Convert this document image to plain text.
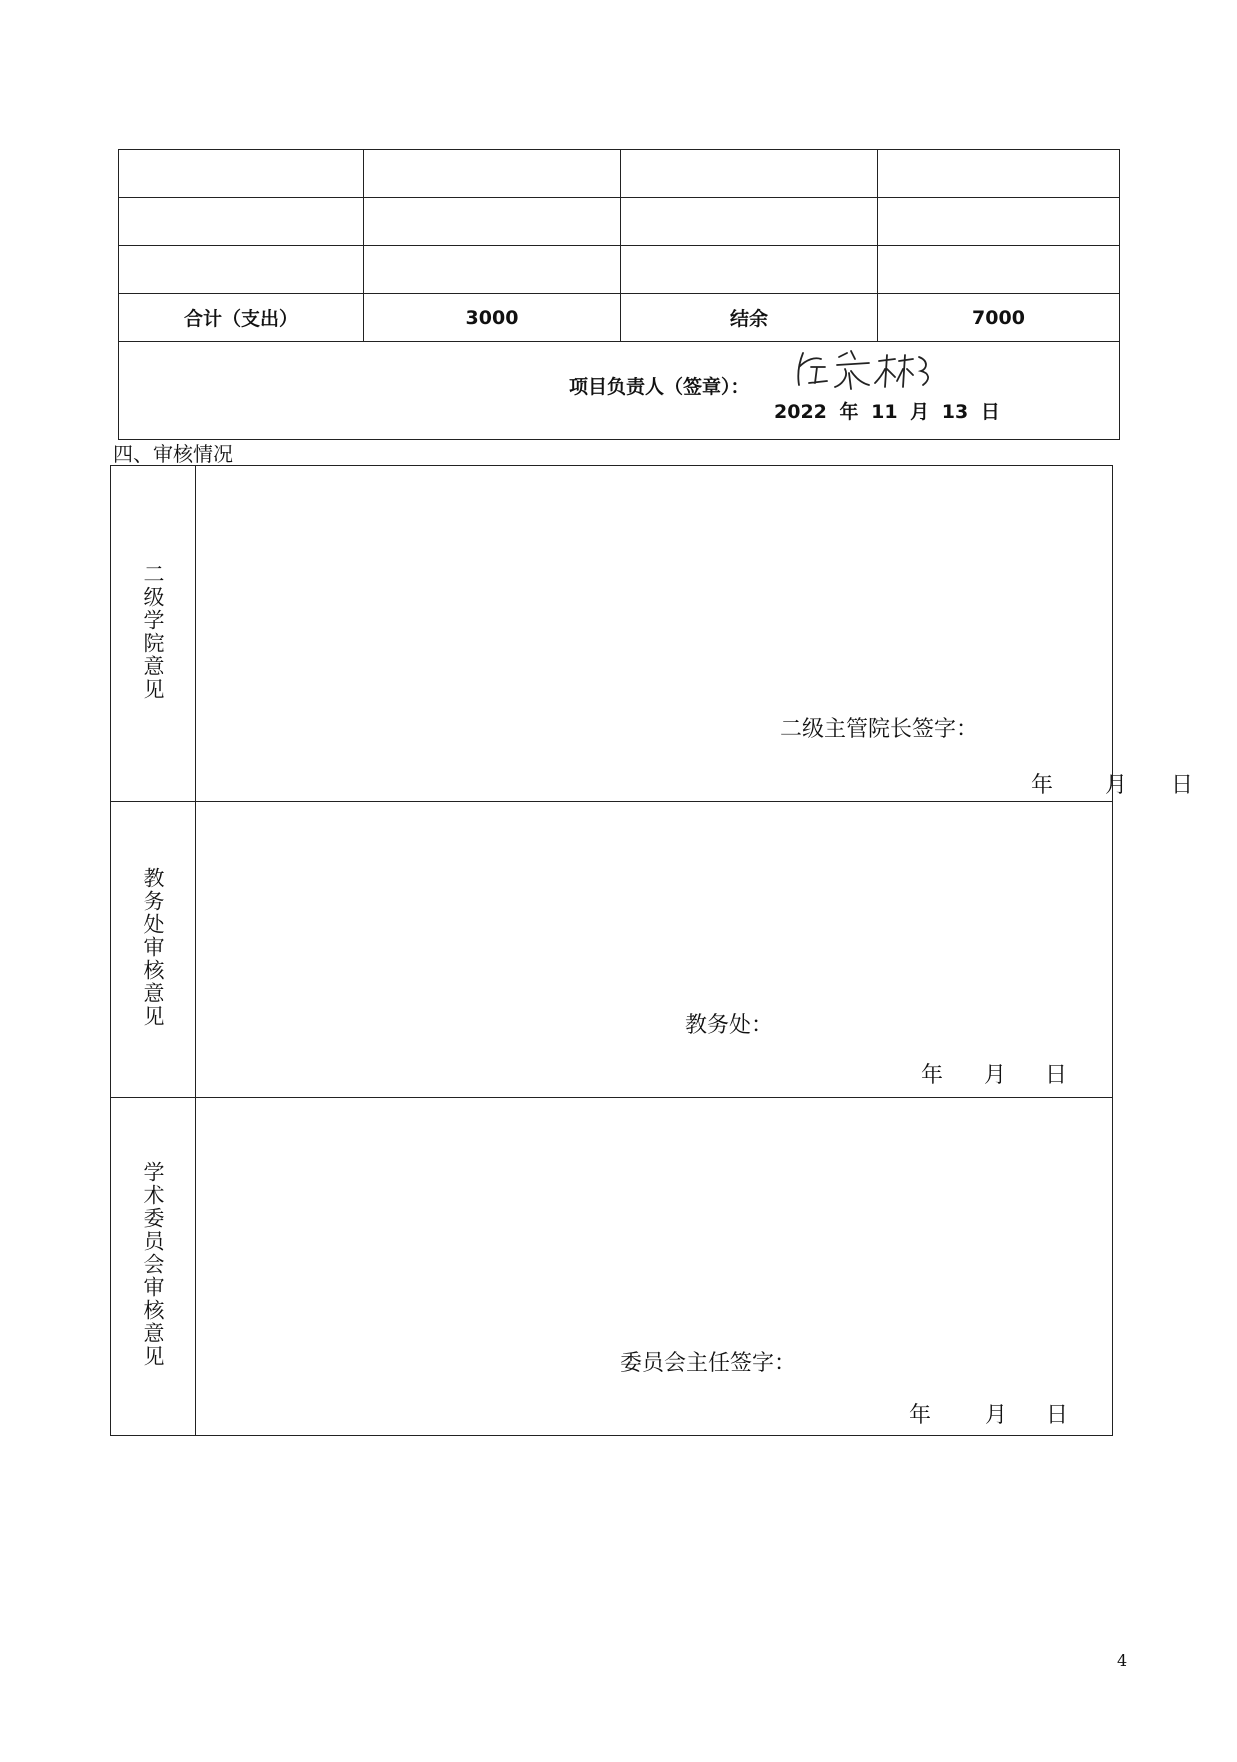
合计（支出）	3000	结余	7000

项目负责人（签章）：
2022 年 11 月 13 日			
四、审核情况
二级学院意见	二级主管院长签字：
年 月 日

教务处审核意见	教务处：
年 月 日

学术委员会审核意见	委员会主任签字：
年 月 日
4
